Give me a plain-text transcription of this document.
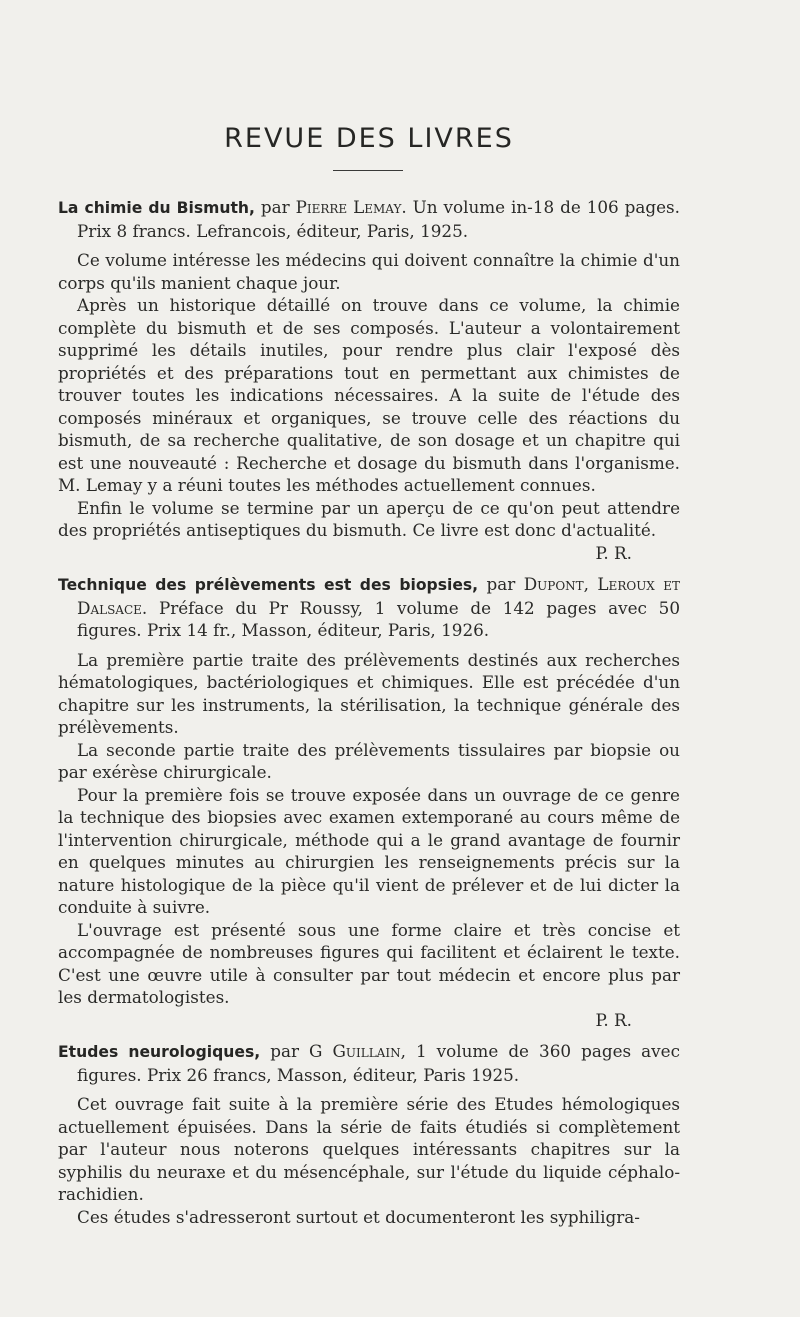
REVUE DES LIVRES

La chimie du Bismuth, par Pierre Lemay. Un volume in-18 de 106 pages. Prix 8 francs. Lefrancois, éditeur, Paris, 1925.

Ce volume intéresse les médecins qui doivent connaître la chimie d'un corps qu'ils manient chaque jour.

Après un historique détaillé on trouve dans ce volume, la chimie complète du bismuth et de ses composés. L'auteur a volontairement supprimé les détails inutiles, pour rendre plus clair l'exposé dès propriétés et des préparations tout en permettant aux chimistes de trouver toutes les indications nécessaires. A la suite de l'étude des composés minéraux et organiques, se trouve celle des réactions du bismuth, de sa recherche qualitative, de son dosage et un chapitre qui est une nouveauté : Recherche et dosage du bismuth dans l'organisme. M. Lemay y a réuni toutes les méthodes actuellement connues.

Enfin le volume se termine par un aperçu de ce qu'on peut attendre des propriétés antiseptiques du bismuth. Ce livre est donc d'actualité.

P. R.

Technique des prélèvements est des biopsies, par Dupont, Leroux et Dalsace. Préface du Pr Roussy, 1 volume de 142 pages avec 50 figures. Prix 14 fr., Masson, éditeur, Paris, 1926.

La première partie traite des prélèvements destinés aux recherches hématologiques, bactériologiques et chimiques. Elle est précédée d'un chapitre sur les instruments, la stérilisation, la technique générale des prélèvements.

La seconde partie traite des prélèvements tissulaires par biopsie ou par exérèse chirurgicale.

Pour la première fois se trouve exposée dans un ouvrage de ce genre la technique des biopsies avec examen extemporané au cours même de l'intervention chirurgicale, méthode qui a le grand avantage de fournir en quelques minutes au chirurgien les renseignements précis sur la nature histologique de la pièce qu'il vient de prélever et de lui dicter la conduite à suivre.

L'ouvrage est présenté sous une forme claire et très concise et accompagnée de nombreuses figures qui facilitent et éclairent le texte. C'est une œuvre utile à consulter par tout médecin et encore plus par les dermatologistes.

P. R.

Etudes neurologiques, par G Guillain, 1 volume de 360 pages avec figures. Prix 26 francs, Masson, éditeur, Paris 1925.

Cet ouvrage fait suite à la première série des Etudes hémologiques actuellement épuisées. Dans la série de faits étudiés si complètement par l'auteur nous noterons quelques intéressants chapitres sur la syphilis du neuraxe et du mésencéphale, sur l'étude du liquide céphalo-rachidien.

Ces études s'adresseront surtout et documenteront les syphiligra-
